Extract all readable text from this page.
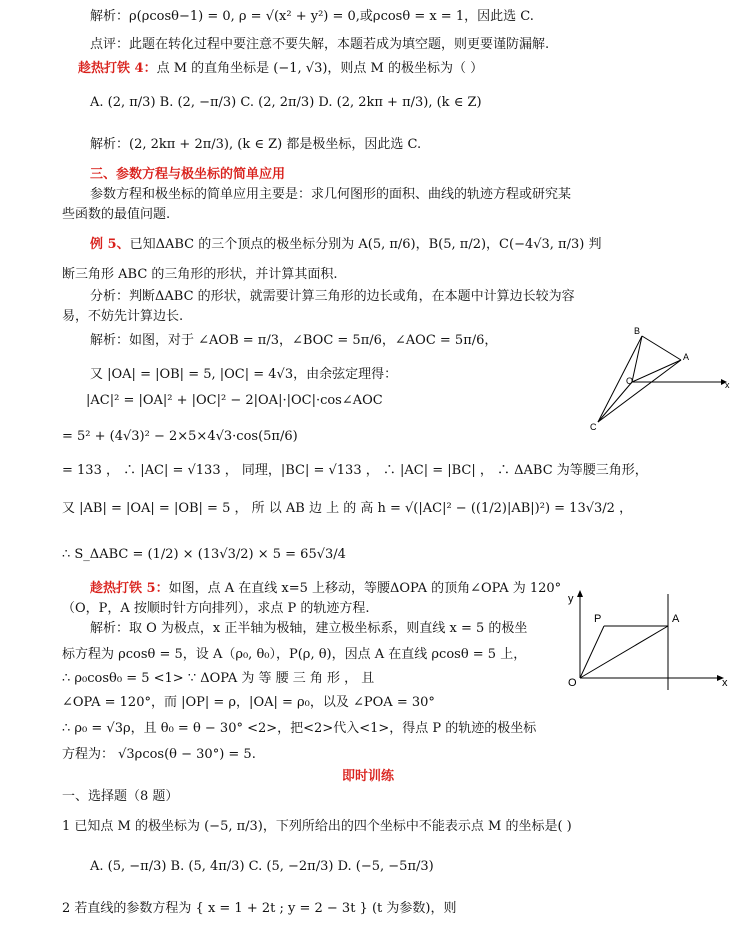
解析：ρ(ρcosθ−1) = 0, ρ = √(x² + y²) = 0,或ρcosθ = x = 1，因此选 C.
点评：此题在转化过程中要注意不要失解，本题若成为填空题，则更要谨防漏解.
趁热打铁 4：点 M 的直角坐标是 (−1, √3)，则点 M 的极坐标为（ ）
A. (2, π/3) B. (2, −π/3) C. (2, 2π/3) D. (2, 2kπ + π/3), (k ∈ Z)
解析：(2, 2kπ + 2π/3), (k ∈ Z) 都是极坐标，因此选 C.
三、参数方程与极坐标的简单应用
参数方程和极坐标的简单应用主要是：求几何图形的面积、曲线的轨迹方程或研究某
些函数的最值问题.
例 5、已知ΔABC 的三个顶点的极坐标分别为 A(5, π/6)，B(5, π/2)，C(−4√3, π/3) 判
断三角形 ABC 的三角形的形状，并计算其面积.
分析：判断ΔABC 的形状，就需要计算三角形的边长或角，在本题中计算边长较为容
易，不妨先计算边长.
解析：如图，对于 ∠AOB = π/3，∠BOC = 5π/6，∠AOC = 5π/6，
又 |OA| = |OB| = 5, |OC| = 4√3，由余弦定理得：
|AC|² = |OA|² + |OC|² − 2|OA|·|OC|·cos∠AOC
= 5² + (4√3)² − 2×5×4√3·cos(5π/6)
= 133 ， ∴ |AC| = √133 ， 同理，|BC| = √133 ， ∴ |AC| = |BC| ， ∴ ΔABC 为等腰三角形，
又 |AB| = |OA| = |OB| = 5 ， 所 以 AB 边 上 的 高 h = √(|AC|² − ((1/2)|AB|)²) = 13√3/2 ，
∴ S_ΔABC = (1/2) × (13√3/2) × 5 = 65√3/4
趁热打铁 5：如图，点 A 在直线 x=5 上移动，等腰ΔOPA 的顶角∠OPA 为 120°
（O，P，A 按顺时针方向排列），求点 P 的轨迹方程.
解析：取 O 为极点，x 正半轴为极轴，建立极坐标系，则直线 x = 5 的极坐
标方程为 ρcosθ = 5，设 A（ρ₀, θ₀），P(ρ, θ)，因点 A 在直线 ρcosθ = 5 上，
∴ ρ₀cosθ₀ = 5 <1> ∵ ΔOPA 为 等 腰 三 角 形 ， 且
∠OPA = 120°，而 |OP| = ρ，|OA| = ρ₀，以及 ∠POA = 30°
∴ ρ₀ = √3ρ，且 θ₀ = θ − 30° <2>，把<2>代入<1>，得点 P 的轨迹的极坐标
方程为： √3ρcos(θ − 30°) = 5.
即时训练
一、选择题（8 题）
1 已知点 M 的极坐标为 (−5, π/3)，下列所给出的四个坐标中不能表示点 M 的坐标是( )
A. (5, −π/3) B. (5, 4π/3) C. (5, −2π/3) D. (−5, −5π/3)
2 若直线的参数方程为 { x = 1 + 2t ; y = 2 − 3t } (t 为参数)，则
B
A
O	x
C
y
P	A
O	x
